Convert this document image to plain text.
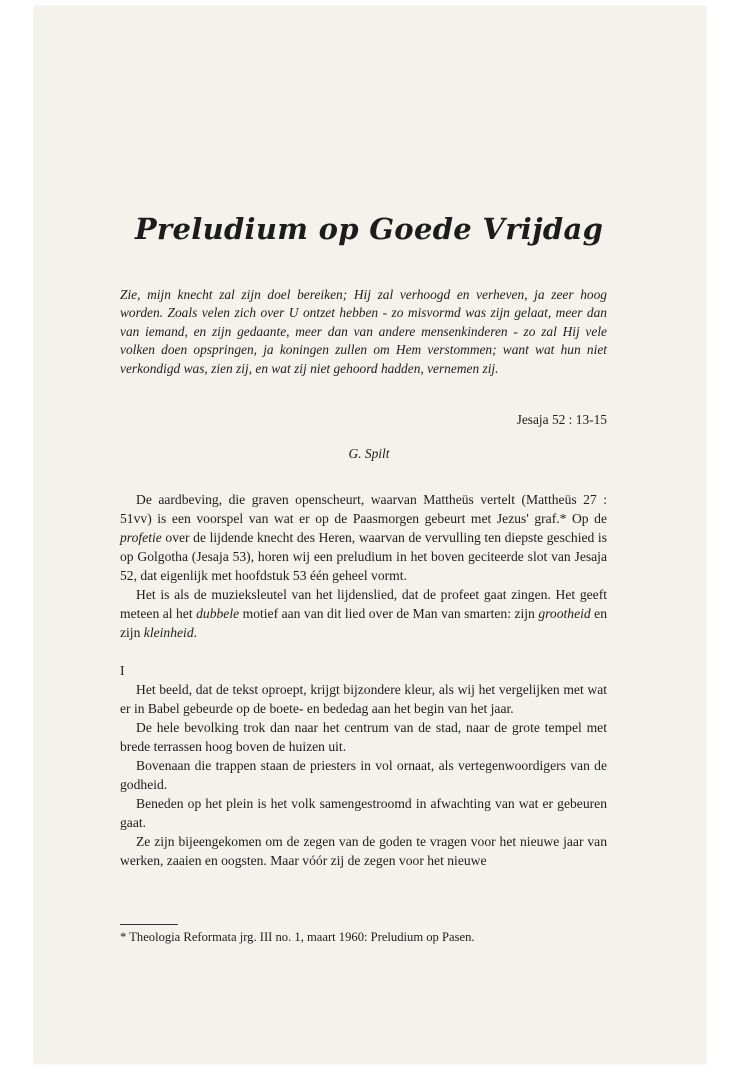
Preludium op Goede Vrijdag

Zie, mijn knecht zal zijn doel bereiken; Hij zal verhoogd en verheven, ja zeer hoog worden. Zoals velen zich over U ontzet hebben - zo misvormd was zijn gelaat, meer dan van iemand, en zijn gedaante, meer dan van andere mensenkinderen - zo zal Hij vele volken doen opspringen, ja koningen zullen om Hem verstommen; want wat hun niet verkondigd was, zien zij, en wat zij niet gehoord hadden, vernemen zij.

Jesaja 52 : 13-15
G. Spilt

De aardbeving, die graven openscheurt, waarvan Mattheüs vertelt (Mattheüs 27 : 51vv) is een voorspel van wat er op de Paasmorgen gebeurt met Jezus' graf.* Op de profetie over de lijdende knecht des Heren, waarvan de vervulling ten diepste geschied is op Golgotha (Jesaja 53), horen wij een preludium in het boven geciteerde slot van Jesaja 52, dat eigenlijk met hoofdstuk 53 één geheel vormt.

Het is als de muzieksleutel van het lijdenslied, dat de profeet gaat zingen. Het geeft meteen al het dubbele motief aan van dit lied over de Man van smarten: zijn grootheid en zijn kleinheid.

I

Het beeld, dat de tekst oproept, krijgt bijzondere kleur, als wij het vergelijken met wat er in Babel gebeurde op de boete- en bededag aan het begin van het jaar.

De hele bevolking trok dan naar het centrum van de stad, naar de grote tempel met brede terrassen hoog boven de huizen uit.

Bovenaan die trappen staan de priesters in vol ornaat, als vertegenwoordigers van de godheid.

Beneden op het plein is het volk samengestroomd in afwachting van wat er gebeuren gaat.

Ze zijn bijeengekomen om de zegen van de goden te vragen voor het nieuwe jaar van werken, zaaien en oogsten. Maar vóór zij de zegen voor het nieuwe

* Theologia Reformata jrg. III no. 1, maart 1960: Preludium op Pasen.
